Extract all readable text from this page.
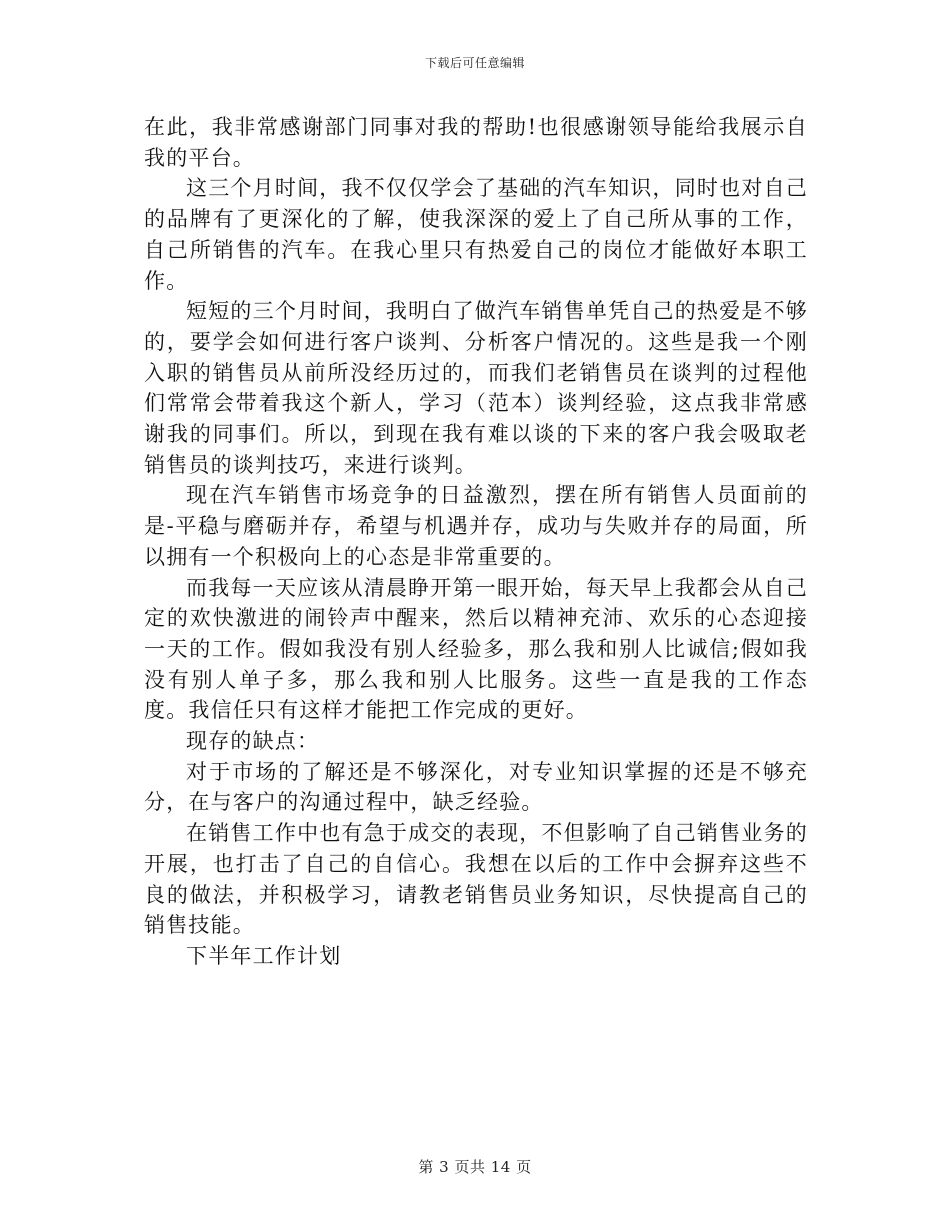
下载后可任意编辑

在此，我非常感谢部门同事对我的帮助!也很感谢领导能给我展示自我的平台。

这三个月时间，我不仅仅学会了基础的汽车知识，同时也对自己的品牌有了更深化的了解，使我深深的爱上了自己所从事的工作，自己所销售的汽车。在我心里只有热爱自己的岗位才能做好本职工作。

短短的三个月时间，我明白了做汽车销售单凭自己的热爱是不够的，要学会如何进行客户谈判、分析客户情况的。这些是我一个刚入职的销售员从前所没经历过的，而我们老销售员在谈判的过程他们常常会带着我这个新人，学习（范本）谈判经验，这点我非常感谢我的同事们。所以，到现在我有难以谈的下来的客户我会吸取老销售员的谈判技巧，来进行谈判。

现在汽车销售市场竞争的日益激烈，摆在所有销售人员面前的是-平稳与磨砺并存，希望与机遇并存，成功与失败并存的局面，所以拥有一个积极向上的心态是非常重要的。

而我每一天应该从清晨睁开第一眼开始，每天早上我都会从自己定的欢快激进的闹铃声中醒来，然后以精神充沛、欢乐的心态迎接一天的工作。假如我没有别人经验多，那么我和别人比诚信;假如我没有别人单子多，那么我和别人比服务。这些一直是我的工作态度。我信任只有这样才能把工作完成的更好。

现存的缺点：

对于市场的了解还是不够深化，对专业知识掌握的还是不够充分，在与客户的沟通过程中，缺乏经验。

在销售工作中也有急于成交的表现，不但影响了自己销售业务的开展，也打击了自己的自信心。我想在以后的工作中会摒弃这些不良的做法，并积极学习，请教老销售员业务知识，尽快提高自己的销售技能。

下半年工作计划

第 3 页共 14 页
